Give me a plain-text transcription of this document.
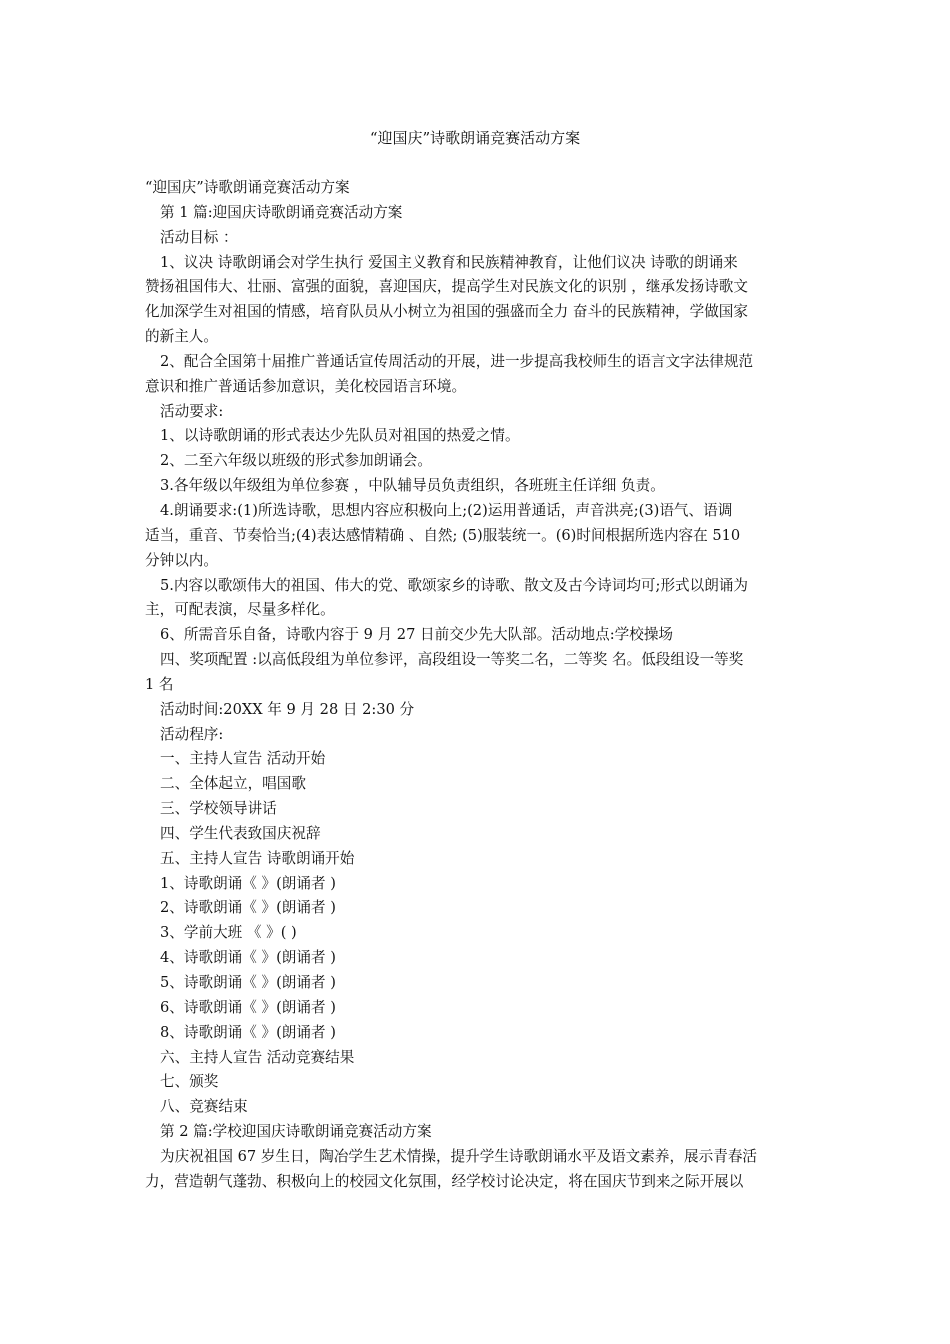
“迎国庆”诗歌朗诵竞赛活动方案

“迎国庆”诗歌朗诵竞赛活动方案

第 1 篇:迎国庆诗歌朗诵竞赛活动方案

活动目标 ：

1、议决 诗歌朗诵会对学生执行 爱国主义教育和民族精神教育，让他们议决 诗歌的朗诵来

赞扬祖国伟大、壮丽、富强的面貌，喜迎国庆，提高学生对民族文化的识别 ，继承发扬诗歌文

化加深学生对祖国的情感，培育队员从小树立为祖国的强盛而全力 奋斗的民族精神，学做国家

的新主人。

2、配合全国第十届推广普通话宣传周活动的开展，进一步提高我校师生的语言文字法律规范

意识和推广普通话参加意识，美化校园语言环境。

活动要求:

1、以诗歌朗诵的形式表达少先队员对祖国的热爱之情。

2、二至六年级以班级的形式参加朗诵会。

3.各年级以年级组为单位参赛 ，中队辅导员负责组织，各班班主任详细 负责。

4.朗诵要求:(1)所选诗歌，思想内容应积极向上;(2)运用普通话，声音洪亮;(3)语气、语调

适当，重音、节奏恰当;(4)表达感情精确 、自然; (5)服装统一。(6)时间根据所选内容在 510

分钟以内。

5.内容以歌颂伟大的祖国、伟大的党、歌颂家乡的诗歌、散文及古今诗词均可;形式以朗诵为

主，可配表演，尽量多样化。

6、所需音乐自备，诗歌内容于 9 月 27 日前交少先大队部。活动地点:学校操场

四、奖项配置 :以高低段组为单位参评，高段组设一等奖二名，二等奖 名。低段组设一等奖

1 名

活动时间:20XX 年 9 月 28 日 2:30 分

活动程序:

一、主持人宣告 活动开始

二、全体起立，唱国歌

三、学校领导讲话

四、学生代表致国庆祝辞

五、主持人宣告 诗歌朗诵开始

1、诗歌朗诵《 》(朗诵者 )

2、诗歌朗诵《 》(朗诵者 )

3、学前大班 《 》( )

4、诗歌朗诵《 》(朗诵者 )

5、诗歌朗诵《 》(朗诵者 )

6、诗歌朗诵《 》(朗诵者 )

8、诗歌朗诵《 》(朗诵者 )

六、主持人宣告 活动竞赛结果

七、颁奖

八、竞赛结束

第 2 篇:学校迎国庆诗歌朗诵竞赛活动方案

为庆祝祖国 67 岁生日，陶冶学生艺术情操，提升学生诗歌朗诵水平及语文素养，展示青春活

力，营造朝气蓬勃、积极向上的校园文化氛围，经学校讨论决定，将在国庆节到来之际开展以
